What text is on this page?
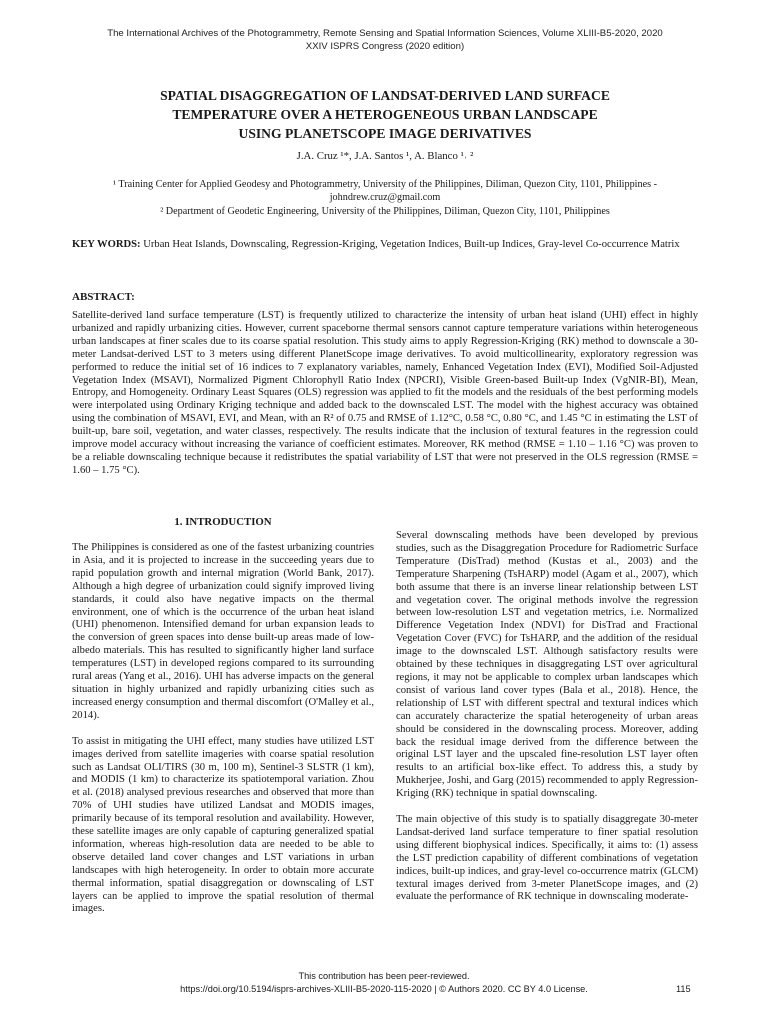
The International Archives of the Photogrammetry, Remote Sensing and Spatial Information Sciences, Volume XLIII-B5-2020, 2020
XXIV ISPRS Congress (2020 edition)
SPATIAL DISAGGREGATION OF LANDSAT-DERIVED LAND SURFACE
TEMPERATURE OVER A HETEROGENEOUS URBAN LANDSCAPE
USING PLANETSCOPE IMAGE DERIVATIVES
J.A. Cruz ¹*, J.A. Santos ¹, A. Blanco ¹˒ ²
¹ Training Center for Applied Geodesy and Photogrammetry, University of the Philippines, Diliman, Quezon City, 1101, Philippines - johndrew.cruz@gmail.com
² Department of Geodetic Engineering, University of the Philippines, Diliman, Quezon City, 1101, Philippines
KEY WORDS: Urban Heat Islands, Downscaling, Regression-Kriging, Vegetation Indices, Built-up Indices, Gray-level Co-occurrence Matrix
ABSTRACT:
Satellite-derived land surface temperature (LST) is frequently utilized to characterize the intensity of urban heat island (UHI) effect in highly urbanized and rapidly urbanizing cities. However, current spaceborne thermal sensors cannot capture temperature variations within heterogeneous urban landscapes at finer scales due to its coarse spatial resolution. This study aims to apply Regression-Kriging (RK) method to downscale a 30-meter Landsat-derived LST to 3 meters using different PlanetScope image derivatives. To avoid multicollinearity, exploratory regression was performed to reduce the initial set of 16 indices to 7 explanatory variables, namely, Enhanced Vegetation Index (EVI), Modified Soil-Adjusted Vegetation Index (MSAVI), Normalized Pigment Chlorophyll Ratio Index (NPCRI), Visible Green-based Built-up Index (VgNIR-BI), Mean, Entropy, and Homogeneity. Ordinary Least Squares (OLS) regression was applied to fit the models and the residuals of the best performing models were interpolated using Ordinary Kriging technique and added back to the downscaled LST. The model with the highest accuracy was obtained using the combination of MSAVI, EVI, and Mean, with an R² of 0.75 and RMSE of 1.12°C, 0.58 °C, 0.80 °C, and 1.45 °C in estimating the LST of built-up, bare soil, vegetation, and water classes, respectively. The results indicate that the inclusion of textural features in the regression could improve model accuracy without increasing the variance of coefficient estimates. Moreover, RK method (RMSE = 1.10 – 1.16 °C) was proven to be a reliable downscaling technique because it redistributes the spatial variability of LST that were not preserved in the OLS regression (RMSE = 1.60 – 1.75 °C).
1. INTRODUCTION

The Philippines is considered as one of the fastest urbanizing countries in Asia, and it is projected to increase in the succeeding years due to rapid population growth and internal migration (World Bank, 2017). Although a high degree of urbanization could signify improved living standards, it could also have negative impacts on the thermal environment, one of which is the occurrence of the urban heat island (UHI) phenomenon. Intensified demand for urban expansion leads to the conversion of green spaces into dense built-up areas made of low-albedo materials. This has resulted to significantly higher land surface temperatures (LST) in developed regions compared to its surrounding rural areas (Yang et al., 2016). UHI has adverse impacts on the general situation in highly urbanized and rapidly urbanizing cities such as increased energy consumption and thermal discomfort (O'Malley et al., 2014).

To assist in mitigating the UHI effect, many studies have utilized LST images derived from satellite imageries with coarse spatial resolution such as Landsat OLI/TIRS (30 m, 100 m), Sentinel-3 SLSTR (1 km), and MODIS (1 km) to characterize its spatiotemporal variation. Zhou et al. (2018) analysed previous researches and observed that more than 70% of UHI studies have utilized Landsat and MODIS images, primarily because of its temporal resolution and availability. However, these satellite images are only capable of capturing generalized spatial information, whereas high-resolution data are needed to be able to observe detailed land cover changes and LST variations in urban landscapes with high heterogeneity. In order to obtain more accurate thermal information, spatial disaggregation or downscaling of LST layers can be applied to improve the spatial resolution of thermal images.

Several downscaling methods have been developed by previous studies, such as the Disaggregation Procedure for Radiometric Surface Temperature (DisTrad) method (Kustas et al., 2003) and the Temperature Sharpening (TsHARP) model (Agam et al., 2007), which both assume that there is an inverse linear relationship between LST and vegetation cover. The original methods involve the regression between low-resolution LST and vegetation metrics, i.e. Normalized Difference Vegetation Index (NDVI) for DisTrad and Fractional Vegetation Cover (FVC) for TsHARP, and the addition of the residual image to the downscaled LST. Although satisfactory results were obtained by these techniques in disaggregating LST over agricultural regions, it may not be applicable to complex urban landscapes which consist of various land cover types (Bala et al., 2018). Hence, the relationship of LST with different spectral and textural indices which can accurately characterize the spatial heterogeneity of urban areas should be considered in the downscaling process. Moreover, adding back the residual image derived from the difference between the original LST layer and the upscaled fine-resolution LST layer often results to an artificial box-like effect. To address this, a study by Mukherjee, Joshi, and Garg (2015) recommended to apply Regression-Kriging (RK) technique in spatial downscaling.

The main objective of this study is to spatially disaggregate 30-meter Landsat-derived land surface temperature to finer spatial resolution using different biophysical indices. Specifically, it aims to: (1) assess the LST prediction capability of different combinations of vegetation indices, built-up indices, and gray-level co-occurrence matrix (GLCM) textural images derived from 3-meter PlanetScope images, and (2) evaluate the performance of RK technique in downscaling moderate-

This contribution has been peer-reviewed.
https://doi.org/10.5194/isprs-archives-XLIII-B5-2020-115-2020 | © Authors 2020. CC BY 4.0 License.	115
